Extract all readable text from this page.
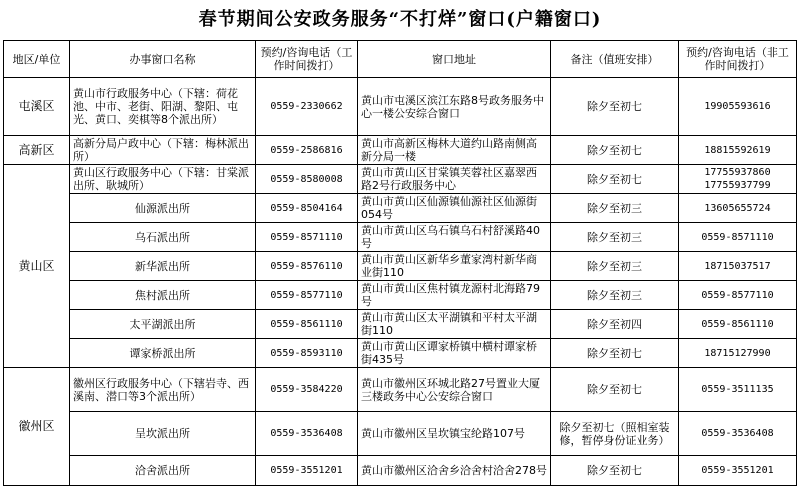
春节期间公安政务服务“不打烊”窗口(户籍窗口)
地区/单位	办事窗口名称	预约/咨询电话（工作时间拨打）	窗口地址	备注（值班安排）	预约/咨询电话（非工作时间拨打）
屯溪区	黄山市行政服务中心（下辖：荷花池、中市、老街、阳湖、黎阳、屯光、黄口、奕棋等8个派出所）	0559-2330662	黄山市屯溪区滨江东路8号政务服务中心一楼公安综合窗口	除夕至初七	19905593616
高新区	高新分局户政中心（下辖：梅林派出所）	0559-2586816	黄山市高新区梅林大道约山路南侧高新分局一楼	除夕至初七	18815592619
黄山区	黄山区行政服务中心（下辖：甘棠派出所、耿城所）	0559-8580008	黄山市黄山区甘棠镇芙蓉社区嘉翠西路2号行政服务中心	除夕至初七	17755937860
17755937799
	仙源派出所	0559-8504164	黄山市黄山区仙源镇仙源社区仙源街054号	除夕至初三	13605655724
	乌石派出所	0559-8571110	黄山市黄山区乌石镇乌石村舒溪路40号	除夕至初三	0559-8571110
	新华派出所	0559-8576110	黄山市黄山区新华乡董家湾村新华商业街110	除夕至初三	18715037517
	焦村派出所	0559-8577110	黄山市黄山区焦村镇龙源村北海路79号	除夕至初三	0559-8577110
	太平湖派出所	0559-8561110	黄山市黄山区太平湖镇和平村太平湖街110	除夕至初四	0559-8561110
	谭家桥派出所	0559-8593110	黄山市黄山区谭家桥镇中横村谭家桥街435号	除夕至初七	18715127990
徽州区	徽州区行政服务中心（下辖岩寺、西溪南、潜口等3个派出所）	0559-3584220	黄山市徽州区环城北路27号置业大厦三楼政务中心公安综合窗口	除夕至初七	0559-3511135
	呈坎派出所	0559-3536408	黄山市徽州区呈坎镇宝纶路107号	除夕至初七（照相室装修，暂停身份证业务）	0559-3536408
	洽舍派出所	0559-3551201	黄山市徽州区洽舍乡洽舍村洽舍278号	除夕至初七	0559-3551201
